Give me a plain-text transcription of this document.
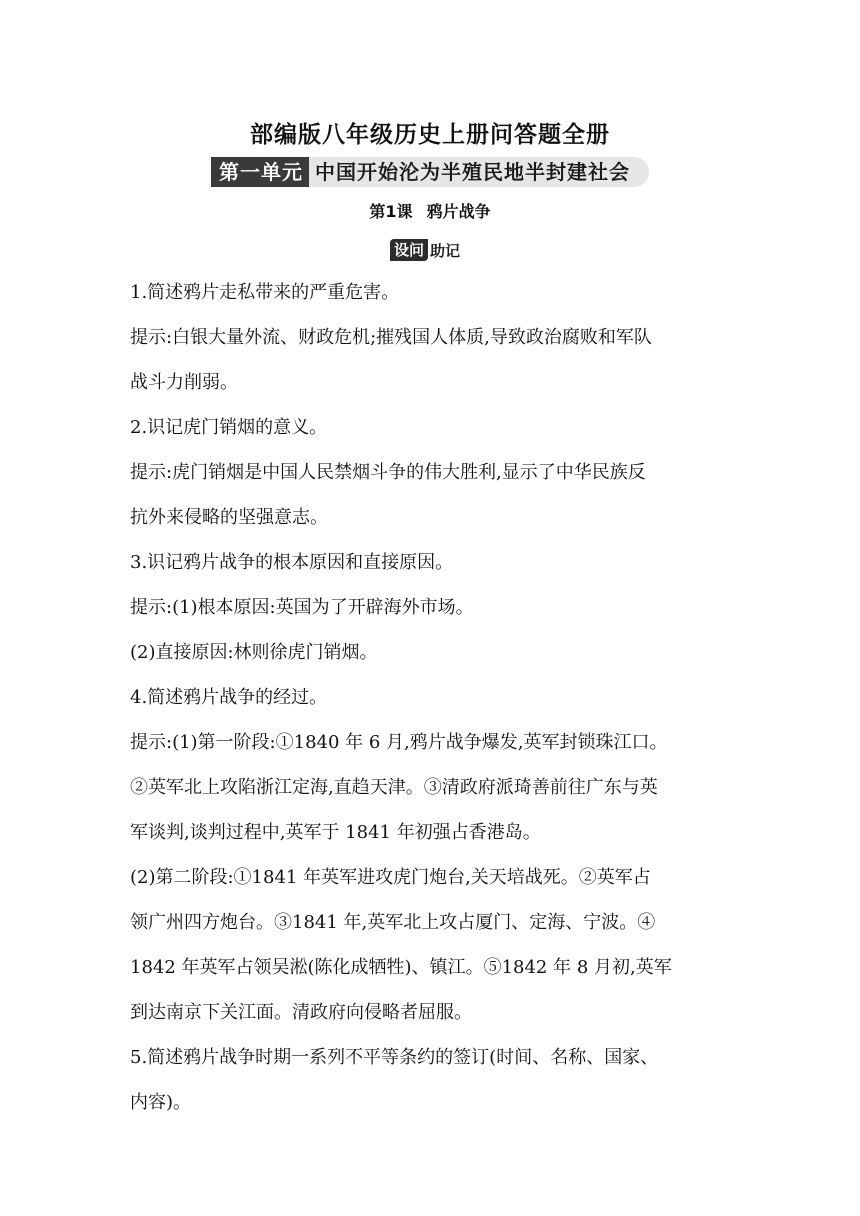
部编版八年级历史上册问答题全册
第一单元 中国开始沦为半殖民地半封建社会
第1课 鸦片战争
设问 助记

1.简述鸦片走私带来的严重危害。

提示:白银大量外流、财政危机;摧残国人体质,导致政治腐败和军队

战斗力削弱。

2.识记虎门销烟的意义。

提示:虎门销烟是中国人民禁烟斗争的伟大胜利,显示了中华民族反

抗外来侵略的坚强意志。

3.识记鸦片战争的根本原因和直接原因。

提示:(1)根本原因:英国为了开辟海外市场。

(2)直接原因:林则徐虎门销烟。

4.简述鸦片战争的经过。

提示:(1)第一阶段:①1840 年 6 月,鸦片战争爆发,英军封锁珠江口。

②英军北上攻陷浙江定海,直趋天津。③清政府派琦善前往广东与英

军谈判,谈判过程中,英军于 1841 年初强占香港岛。

(2)第二阶段:①1841 年英军进攻虎门炮台,关天培战死。②英军占

领广州四方炮台。③1841 年,英军北上攻占厦门、定海、宁波。④

1842 年英军占领吴淞(陈化成牺牲)、镇江。⑤1842 年 8 月初,英军

到达南京下关江面。清政府向侵略者屈服。

5.简述鸦片战争时期一系列不平等条约的签订(时间、名称、国家、

内容)。
